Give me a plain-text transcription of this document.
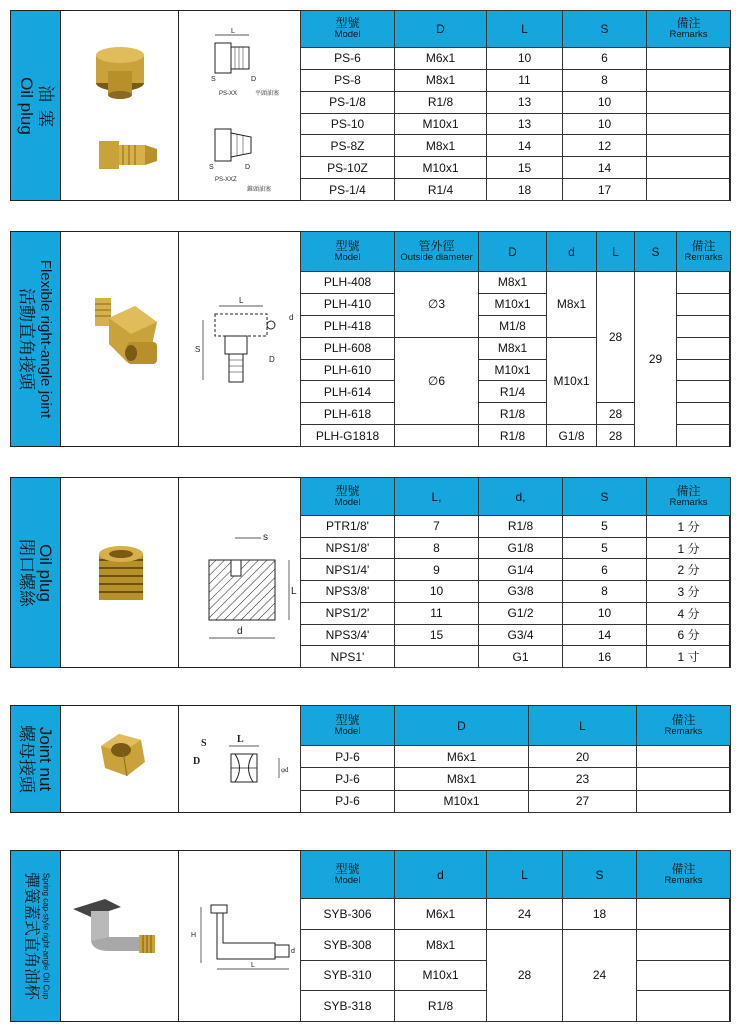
油塞
Oil plug
L
S	D
PS-XX	平頭油塞
S	D
PS-XXZ
錐頭油塞
型號
Model	D	L	S	備注
Remarks

PS-6	M6x1	10	6	
PS-8	M8x1	11	8	
PS-1/8	R1/8	13	10	
PS-10	M10x1	13	10	
PS-8Z	M8x1	14	12	
PS-10Z	M10x1	15	14	
PS-1/4	R1/4	18	17	
Flexible right-angle joint
活動直角接頭
L
d
S
D
型號
Model	管外徑
Outside diameter	D	d	L	S	備注
Remarks

PLH-408	∅3	M8x1	M8x1	28	29	
PLH-410		M10x1				
PLH-418		M1/8				
PLH-608	∅6	M8x1	M10x1			
PLH-610		M10x1				
PLH-614		R1/4				
PLH-618		R1/8		28		
PLH-G1818		R1/8	G1/8	28		
Oil plug
閉口螺絲
s
L
d
型號
Model	L,	d,	S	備注
Remarks

PTR1/8'	7	R1/8	5	1 分
NPS1/8'	8	G1/8	5	1 分
NPS1/4'	9	G1/4	6	2 分
NPS3/8'	10	G3/8	8	3 分
NPS1/2'	11	G1/2	10	4 分
NPS3/4'	15	G3/4	14	6 分
NPS1'		G1	16	1 寸
Joint nut
螺母接頭
S	L
D
φd
型號
Model	D	L	備注
Remarks

PJ-6	M6x1	20	
PJ-6	M8x1	23	
PJ-6	M10x1	27	
Spring cap-style right-angle Oil Cup
彈簧蓋式直角油杯
H
d
L
型號
Model	d	L	S	備注
Remarks

SYB-306	M6x1	24	18	
SYB-308	M8x1	28	24	
SYB-310	M10x1			
SYB-318	R1/8			
